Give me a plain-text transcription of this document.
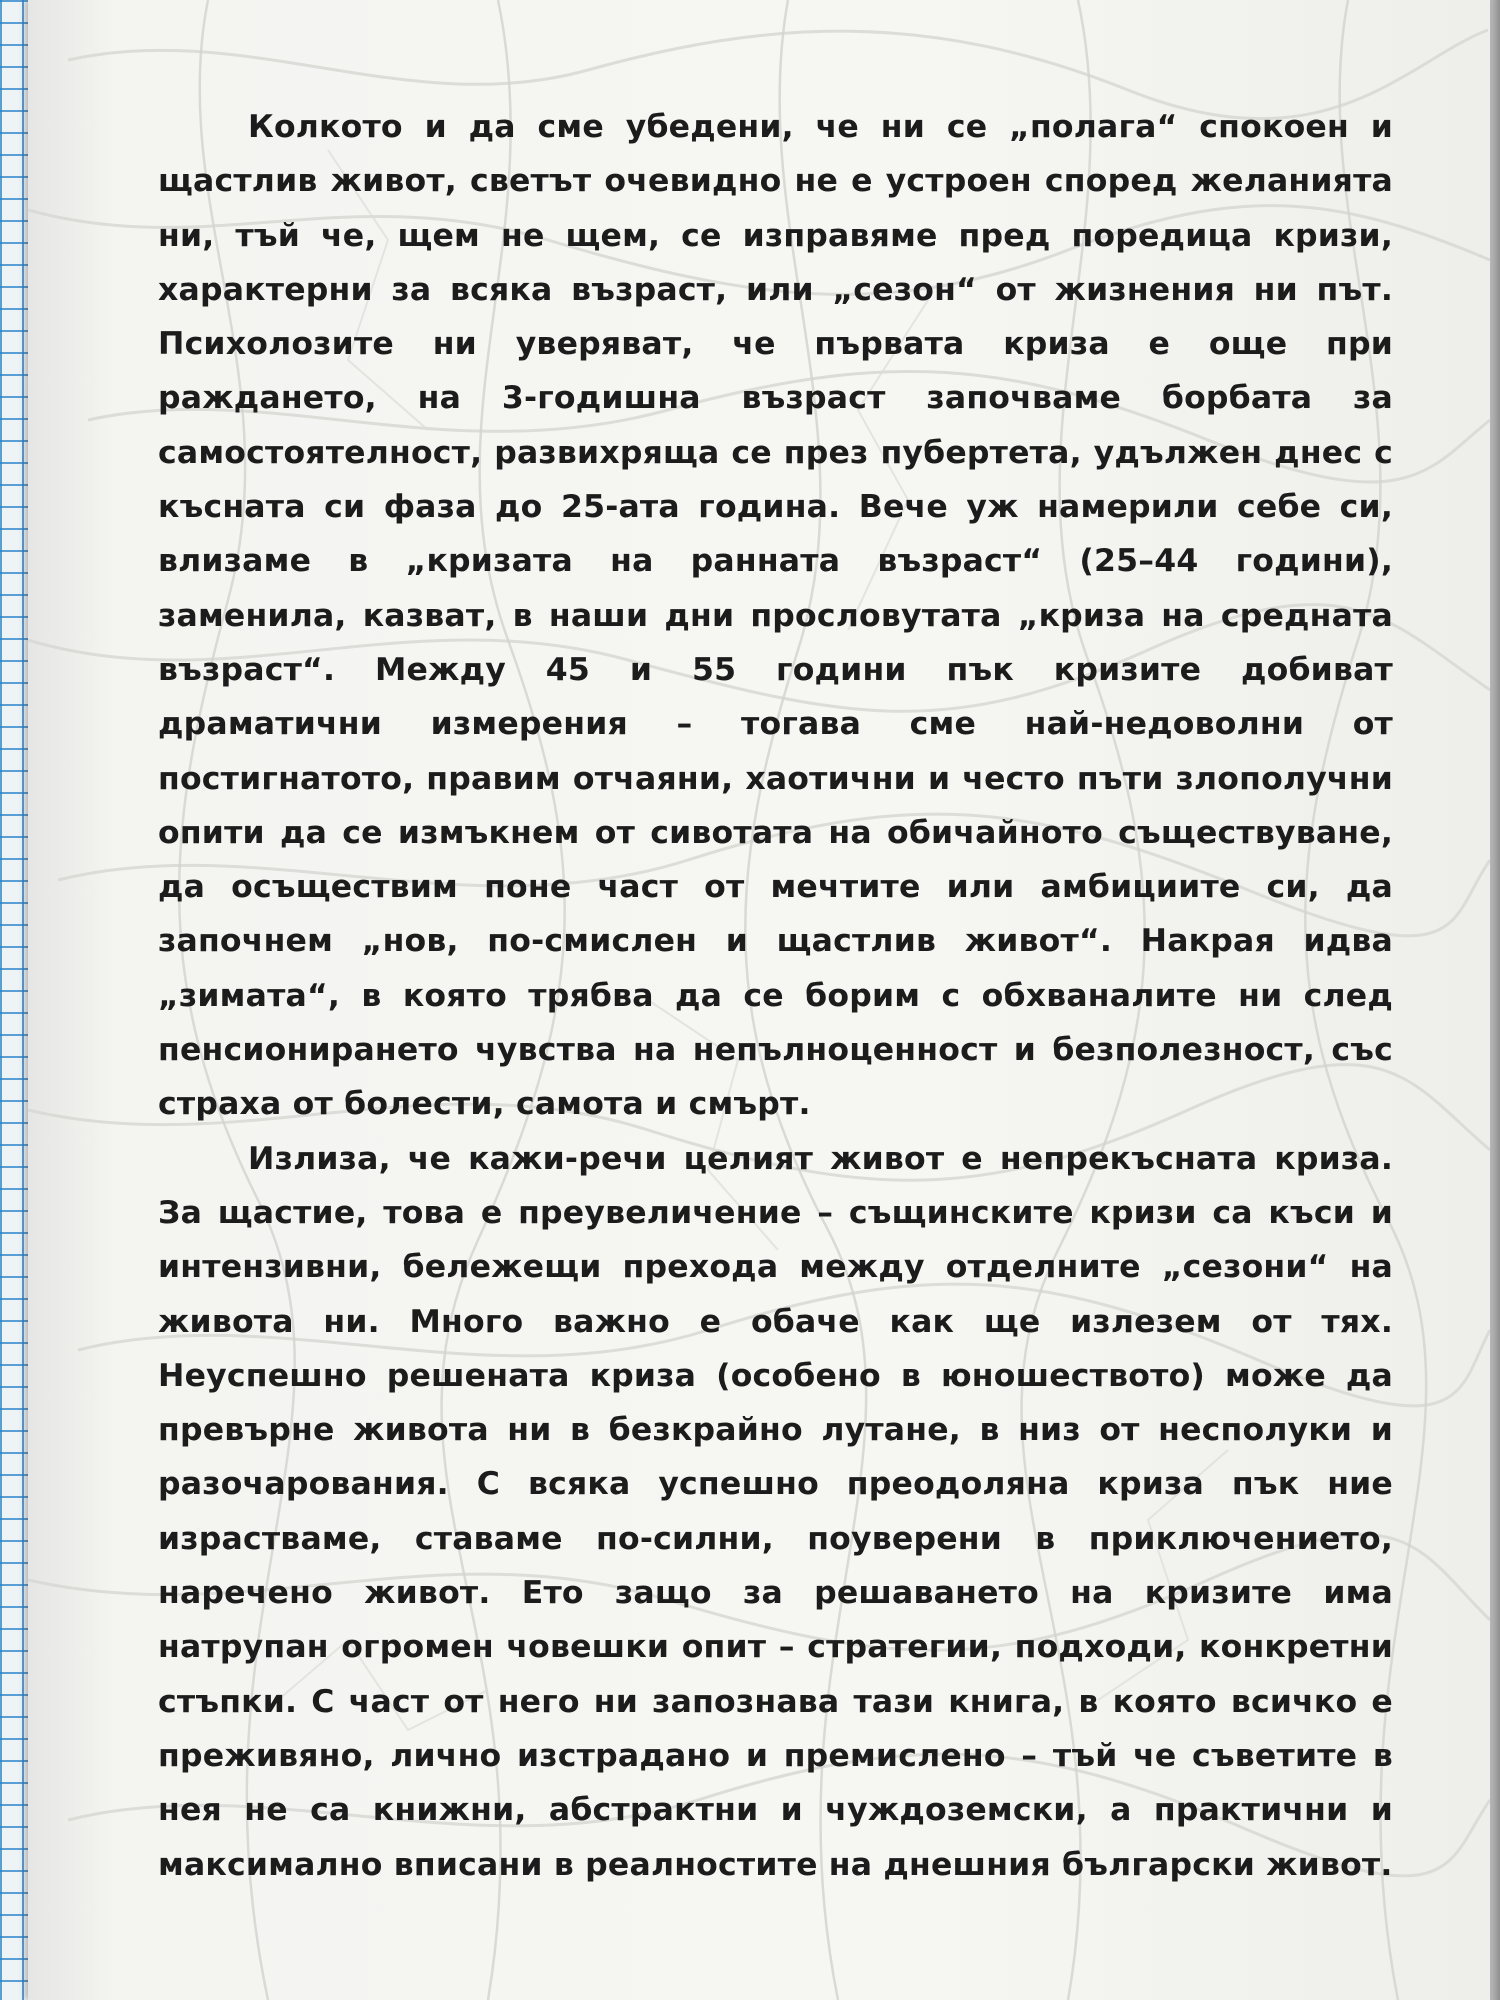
Колкото и да сме убедени, че ни се „полага“ спокоен и щастлив живот, светът очевидно не е устроен според желанията ни, тъй че, щем не щем, се изправяме пред поредица кризи, характерни за всяка възраст, или „сезон“ от жизнения ни път. Психолозите ни уверяват, че първата криза е още при раждането, на 3-годишна възраст започваме борбата за самостоятелност, развихряща се през пубертета, удължен днес с късната си фаза до 25-ата година. Вече уж намерили себе си, влизаме в „кризата на ранната възраст“ (25–44 години), заменила, казват, в наши дни прословутата „криза на средната възраст“. Между 45 и 55 години пък кризите добиват драматични измерения – тогава сме най-недоволни от постигнатото, правим отчаяни, хаотични и често пъти злополучни опити да се измъкнем от сивотата на обичайното съществуване, да осъществим поне част от мечтите или амбициите си, да започнем „нов, по-смислен и щастлив живот“. Накрая идва „зимата“, в която трябва да се борим с обхваналите ни след пенсионирането чувства на непълноценност и безполезност, със страха от болести, самота и смърт.

Излиза, че кажи-речи целият живот е непрекъсната криза. За щастие, това е преувеличение – същинските кризи са къси и интензивни, бележещи прехода между отделните „сезони“ на живота ни. Много важно е обаче как ще излезем от тях. Неуспешно решената криза (особено в юношеството) може да превърне живота ни в безкрайно лутане, в низ от несполуки и разочарования. С всяка успешно преодоляна криза пък ние израстваме, ставаме по-силни, поуверени в приключението, наречено живот. Ето защо за решаването на кризите има натрупан огромен човешки опит – стратегии, подходи, конкретни стъпки. С част от него ни запознава тази книга, в която всичко е преживяно, лично изстрадано и премислено – тъй че съветите в нея не са книжни, абстрактни и чуждоземски, а практични и максимално вписани в реалностите на днешния български живот.
